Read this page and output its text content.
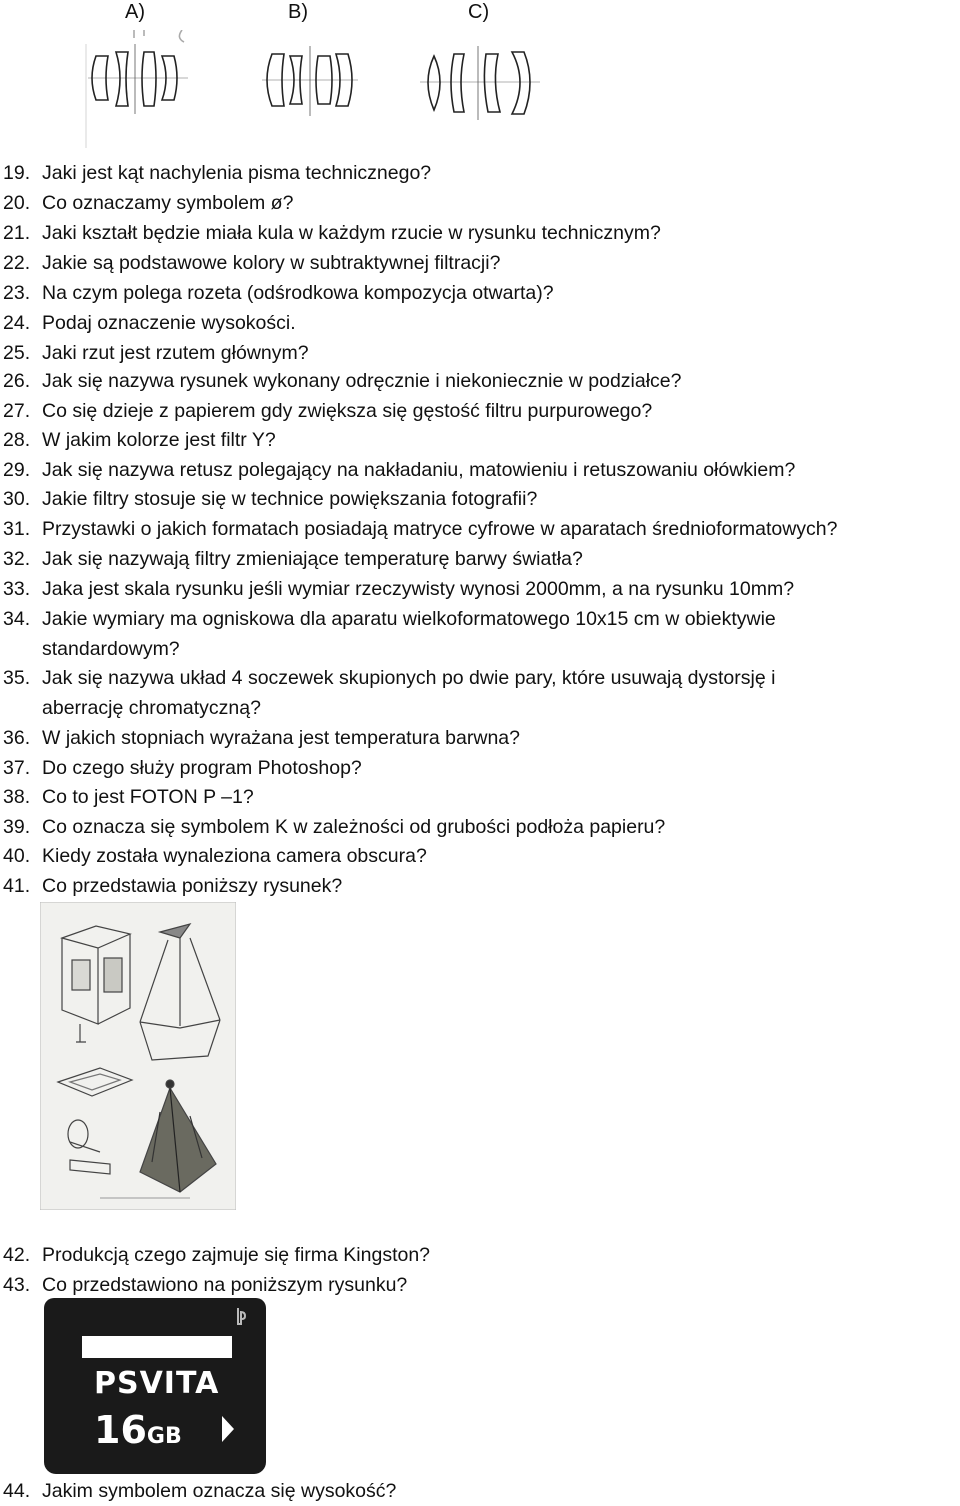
A)	B)	C)
19. Jaki jest kąt nachylenia pisma technicznego?
20. Co oznaczamy symbolem ø?
21. Jaki kształt będzie miała kula w każdym rzucie w rysunku technicznym?
22. Jakie są podstawowe kolory w subtraktywnej filtracji?
23. Na czym polega rozeta (odśrodkowa kompozycja otwarta)?
24. Podaj oznaczenie wysokości.
25. Jaki rzut jest rzutem głównym?
26. Jak się nazywa rysunek wykonany odręcznie i niekoniecznie w podziałce?
27. Co się dzieje z papierem gdy zwiększa się gęstość filtru purpurowego?
28. W jakim kolorze jest filtr Y?
29. Jak się nazywa retusz polegający na nakładaniu, matowieniu i retuszowaniu ołówkiem?
30. Jakie filtry stosuje się w technice powiększania fotografii?
31. Przystawki o jakich formatach posiadają matryce cyfrowe w aparatach średnioformatowych?
32. Jak się nazywają filtry zmieniające temperaturę barwy światła?
33. Jaka jest skala rysunku jeśli wymiar rzeczywisty wynosi 2000mm, a na rysunku 10mm?
34. Jakie wymiary ma ogniskowa dla aparatu wielkoformatowego 10x15 cm w obiektywie
standardowym?
35. Jak się nazywa układ 4 soczewek skupionych po dwie pary, które usuwają dystorsję i
aberrację chromatyczną?
36. W jakich stopniach wyrażana jest temperatura barwna?
37. Do czego służy program Photoshop?
38. Co to jest FOTON P –1?
39. Co oznacza się symbolem K w zależności od grubości podłoża papieru?
40. Kiedy została wynaleziona camera obscura?
41. Co przedstawia poniższy rysunek?
42. Produkcją czego zajmuje się firma Kingston?
43. Co przedstawiono na poniższym rysunku?
PSVITA
16GB
44. Jakim symbolem oznacza się wysokość?
